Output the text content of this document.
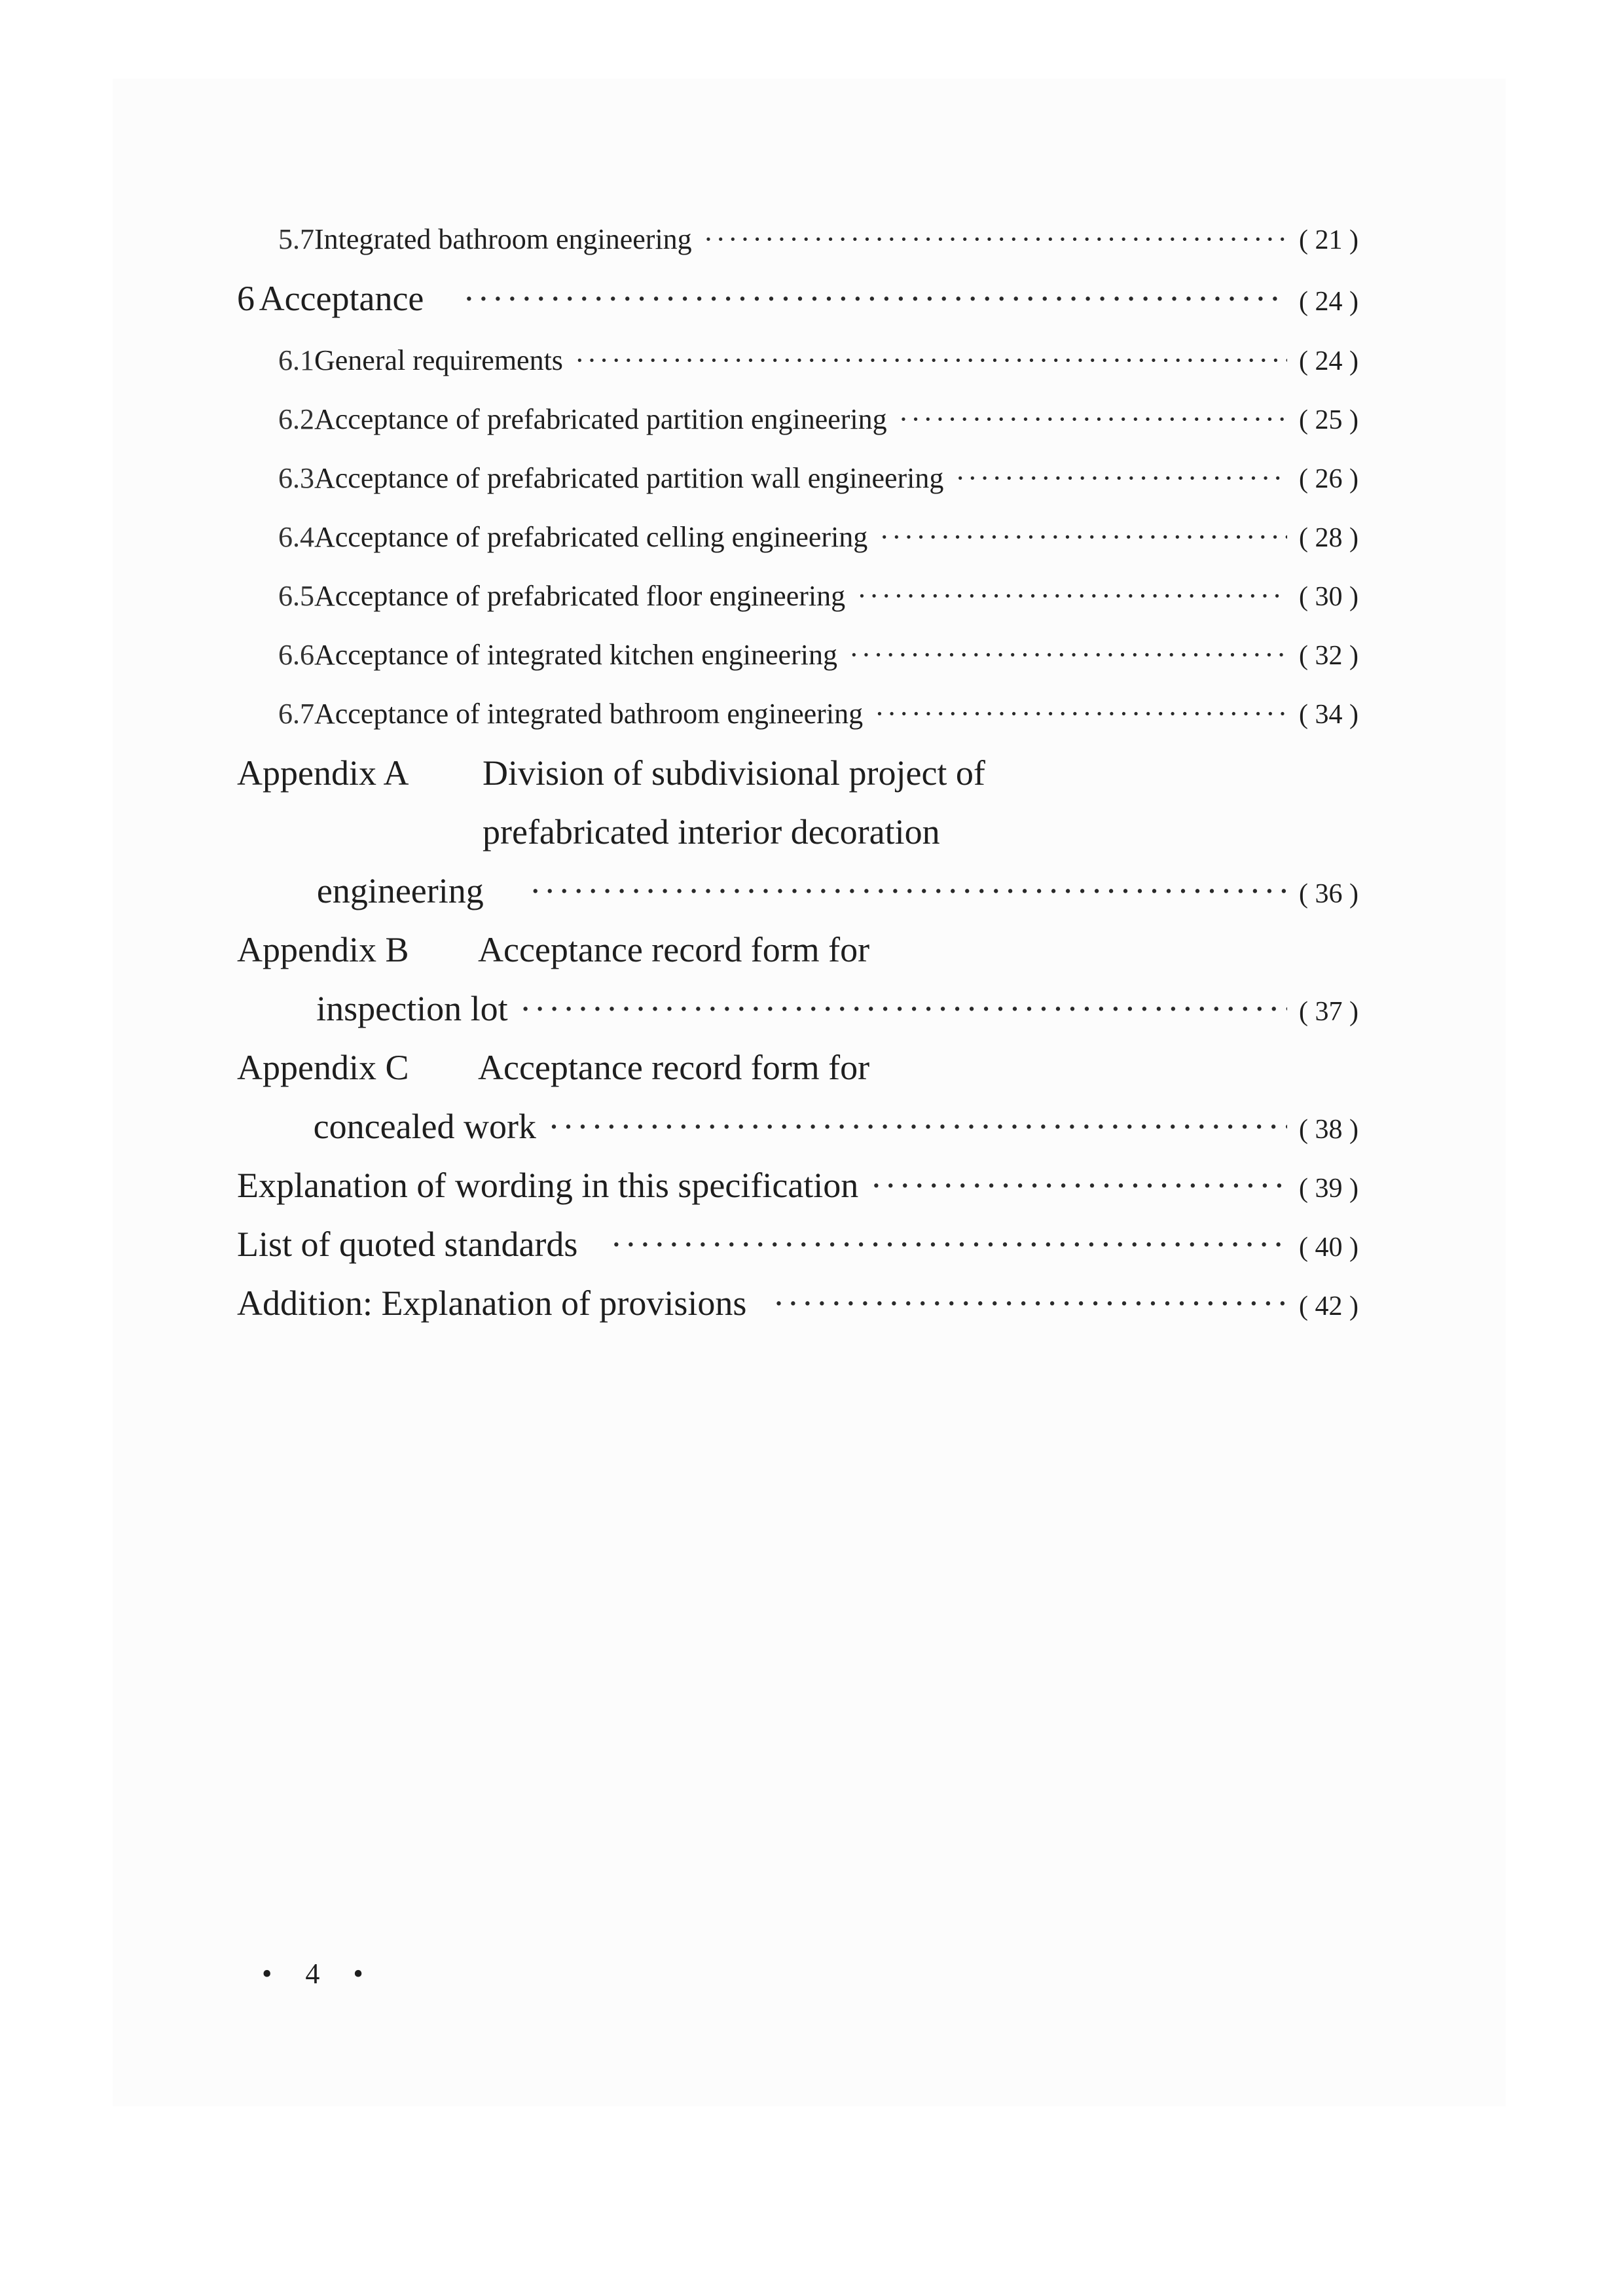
5.7 Integrated bathroom engineering ·····	( 21 )
6 Acceptance ·····	( 24 )
6.1 General requirements ·····	( 24 )
6.2 Acceptance of prefabricated partition engineering ·····	( 25 )
6.3 Acceptance of prefabricated partition wall engineering ·····	( 26 )
6.4 Acceptance of prefabricated celling engineering ·····	( 28 )
6.5 Acceptance of prefabricated floor engineering ·····	( 30 )
6.6 Acceptance of integrated kitchen engineering ·····	( 32 )
6.7 Acceptance of integrated bathroom engineering ·····	( 34 )
Appendix A	Division of subdivisional project of
prefabricated interior decoration
engineering ·····	( 36 )
Appendix B	Acceptance record form for
inspection lot ·····	( 37 )
Appendix C	Acceptance record form for
concealed work ·····	( 38 )
Explanation of wording in this specification ·····	( 39 )
List of quoted standards ·····	( 40 )
Addition: Explanation of provisions ·····	( 42 )
• 4 •
